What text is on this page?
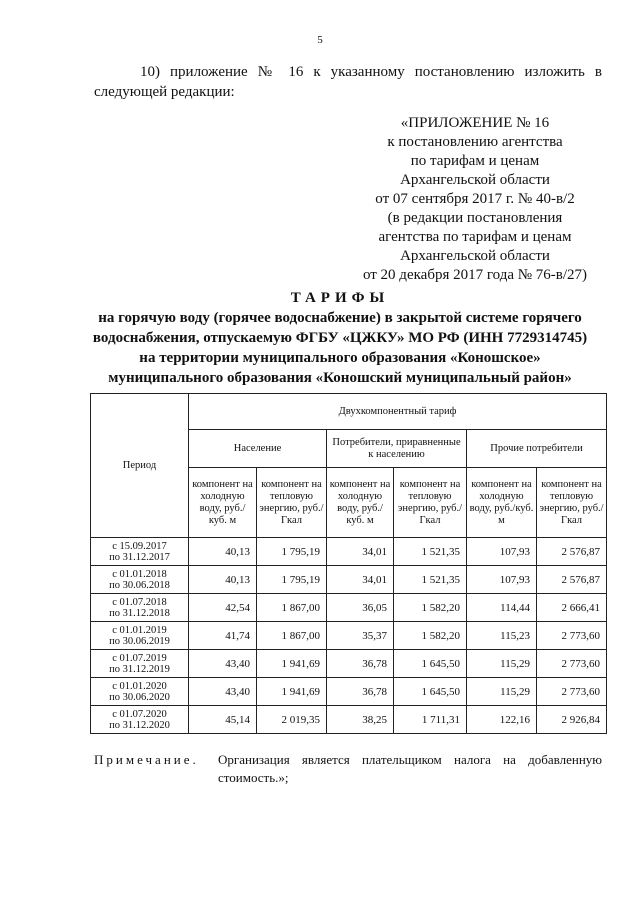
5
10) приложение № 16 к указанному постановлению изложить в следующей редакции:
«ПРИЛОЖЕНИЕ № 16
к постановлению агентства
по тарифам и ценам
Архангельской области
от 07 сентября 2017 г. № 40-в/2
(в редакции постановления
агентства по тарифам и ценам
Архангельской области
от 20 декабря 2017 года № 76-в/27)
ТАРИФЫ
на горячую воду (горячее водоснабжение) в закрытой системе горячего
водоснабжения, отпускаемую ФГБУ «ЦЖКУ» МО РФ (ИНН 7729314745)
на территории муниципального образования «Коношское»
муниципального образования «Коношский муниципальный район»
Период	Двухкомпонентный тариф					
	Население		Потребители, приравненные к населению		Прочие потребители	
	компонент на холодную воду, руб./куб. м	компонент на тепловую энергию, руб./Гкал	компонент на холодную воду, руб./куб. м	компонент на тепловую энергию, руб./Гкал	компонент на холодную воду, руб./куб. м	компонент на тепловую энергию, руб./Гкал

с 15.09.2017
по 31.12.2017	40,13	1 795,19	34,01	1 521,35	107,93	2 576,87

с 01.01.2018
по 30.06.2018	40,13	1 795,19	34,01	1 521,35	107,93	2 576,87

с 01.07.2018
по 31.12.2018	42,54	1 867,00	36,05	1 582,20	114,44	2 666,41

с 01.01.2019
по 30.06.2019	41,74	1 867,00	35,37	1 582,20	115,23	2 773,60

с 01.07.2019
по 31.12.2019	43,40	1 941,69	36,78	1 645,50	115,29	2 773,60

с 01.01.2020
по 30.06.2020	43,40	1 941,69	36,78	1 645,50	115,29	2 773,60

с 01.07.2020
по 31.12.2020	45,14	2 019,35	38,25	1 711,31	122,16	2 926,84
Примечание. Организация является плательщиком налога на добавленную стоимость.»;
